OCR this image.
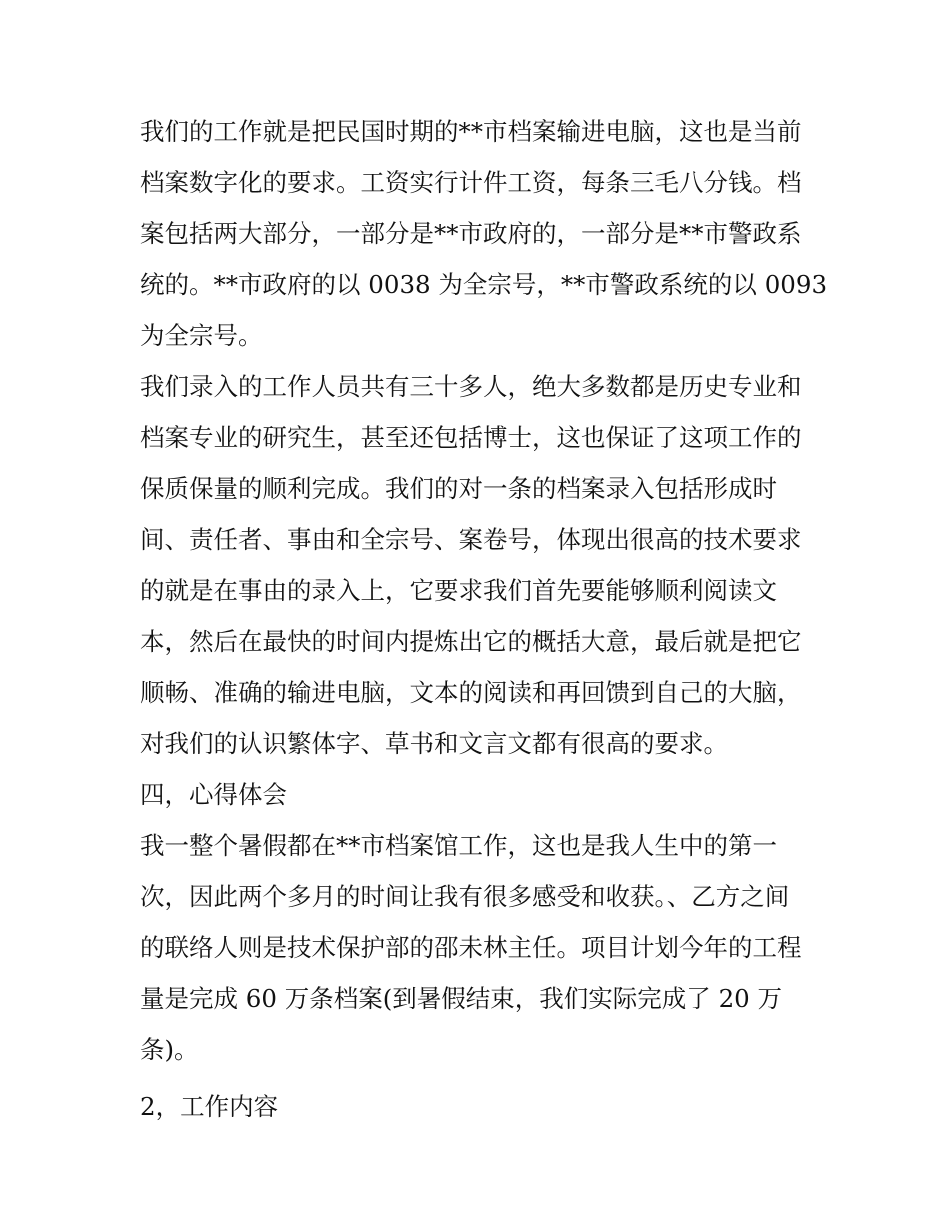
我们的工作就是把民国时期的**市档案输进电脑，这也是当前
档案数字化的要求。工资实行计件工资，每条三毛八分钱。档
案包括两大部分，一部分是**市政府的，一部分是**市警政系
统的。**市政府的以 0038 为全宗号，**市警政系统的以 0093
为全宗号。
我们录入的工作人员共有三十多人，绝大多数都是历史专业和
档案专业的研究生，甚至还包括博士，这也保证了这项工作的
保质保量的顺利完成。我们的对一条的档案录入包括形成时
间、责任者、事由和全宗号、案卷号，体现出很高的技术要求
的就是在事由的录入上，它要求我们首先要能够顺利阅读文
本，然后在最快的时间内提炼出它的概括大意，最后就是把它
顺畅、准确的输进电脑，文本的阅读和再回馈到自己的大脑，
对我们的认识繁体字、草书和文言文都有很高的要求。
四，心得体会
我一整个暑假都在**市档案馆工作，这也是我人生中的第一
次，因此两个多月的时间让我有很多感受和收获。、乙方之间
的联络人则是技术保护部的邵未林主任。项目计划今年的工程
量是完成 60 万条档案(到暑假结束，我们实际完成了 20 万
条)。
2，工作内容
